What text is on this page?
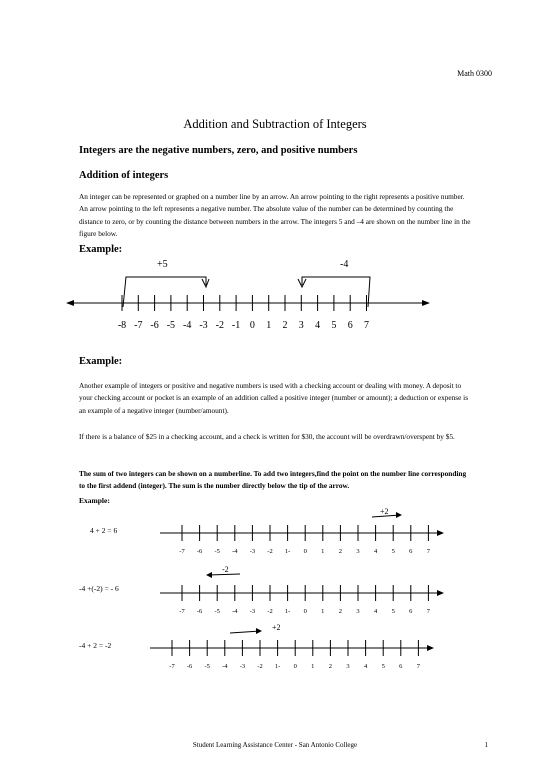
Math 0300
Addition and Subtraction of Integers
Integers are the negative numbers, zero, and positive numbers
Addition of integers

An integer can be represented or graphed on a number line by an arrow. An arrow pointing to the right represents a positive number. An arrow pointing to the left represents a negative number. The absolute value of the number can be determined by counting the distance to zero, or by counting the distance between numbers in the arrow. The integers 5 and –4 are shown on the number line in the figure below.

Example:
+5	-4
-8 -7 -6 -5 -4 -3 -2 -1 0 1 2 3 4 5 6 7
Example:

Another example of integers or positive and negative numbers is used with a checking account or dealing with money. A deposit to your checking account or pocket is an example of an addition called a positive integer (number or amount); a deduction or expense is an example of a negative integer (number/amount).

If there is a balance of $25 in a checking account, and a check is written for $30, the account will be overdrawn/overspent by $5.

The sum of two integers can be shown on a numberline. To add two integers,find the point on the number line corresponding to the first addend (integer). The sum is the number directly below the tip of the arrow.

Example:
4 + 2 = 6
-4 +(-2) = - 6
-4 + 2 = -2
+2
-7 -6 -5 -4 -3 -2 1- 0 1 2 3 4 5 6 7
-2
-7 -6 -5 -4 -3 -2 1- 0 1 2 3 4 5 6 7
+2
-7 -6 -5 -4 -3 -2 1- 0 1 2 3 4 5 6 7
Student Learning Assistance Center - San Antonio College	1
